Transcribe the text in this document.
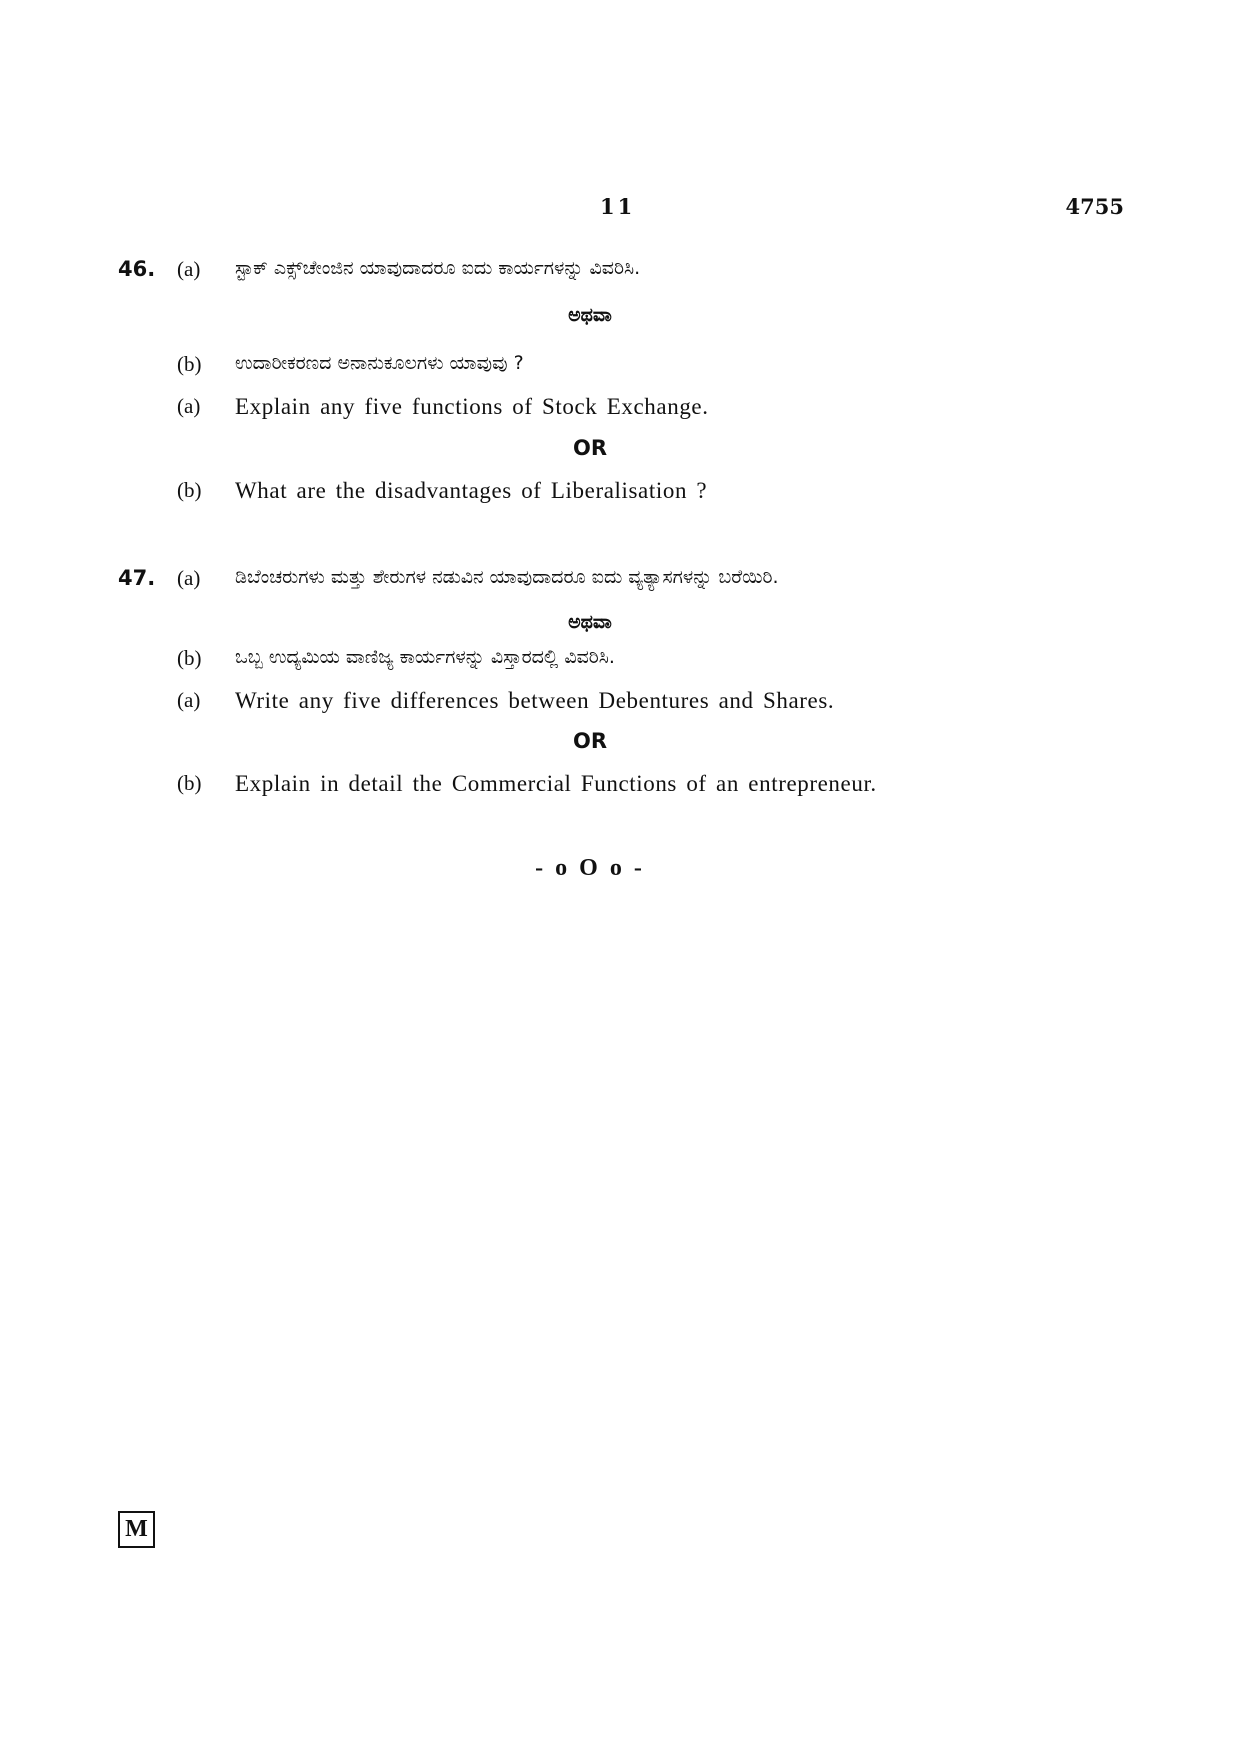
11	4755
46. (a) ಸ್ಟಾಕ್ ಎಕ್ಸ್‌ಚೇಂಜಿನ ಯಾವುದಾದರೂ ಐದು ಕಾರ್ಯಗಳನ್ನು ವಿವರಿಸಿ.
ಅಥವಾ
(b) ಉದಾರೀಕರಣದ ಅನಾನುಕೂಲಗಳು ಯಾವುವು ?
(a) Explain any five functions of Stock Exchange.
OR
(b) What are the disadvantages of Liberalisation ?
47. (a) ಡಿಬೆಂಚರುಗಳು ಮತ್ತು ಶೇರುಗಳ ನಡುವಿನ ಯಾವುದಾದರೂ ಐದು ವ್ಯತ್ಯಾಸಗಳನ್ನು ಬರೆಯಿರಿ.
ಅಥವಾ
(b) ಒಬ್ಬ ಉದ್ಯಮಿಯ ವಾಣಿಜ್ಯ ಕಾರ್ಯಗಳನ್ನು ವಿಸ್ತಾರದಲ್ಲಿ ವಿವರಿಸಿ.
(a) Write any five differences between Debentures and Shares.
OR
(b) Explain in detail the Commercial Functions of an entrepreneur.
- o O o -
M
